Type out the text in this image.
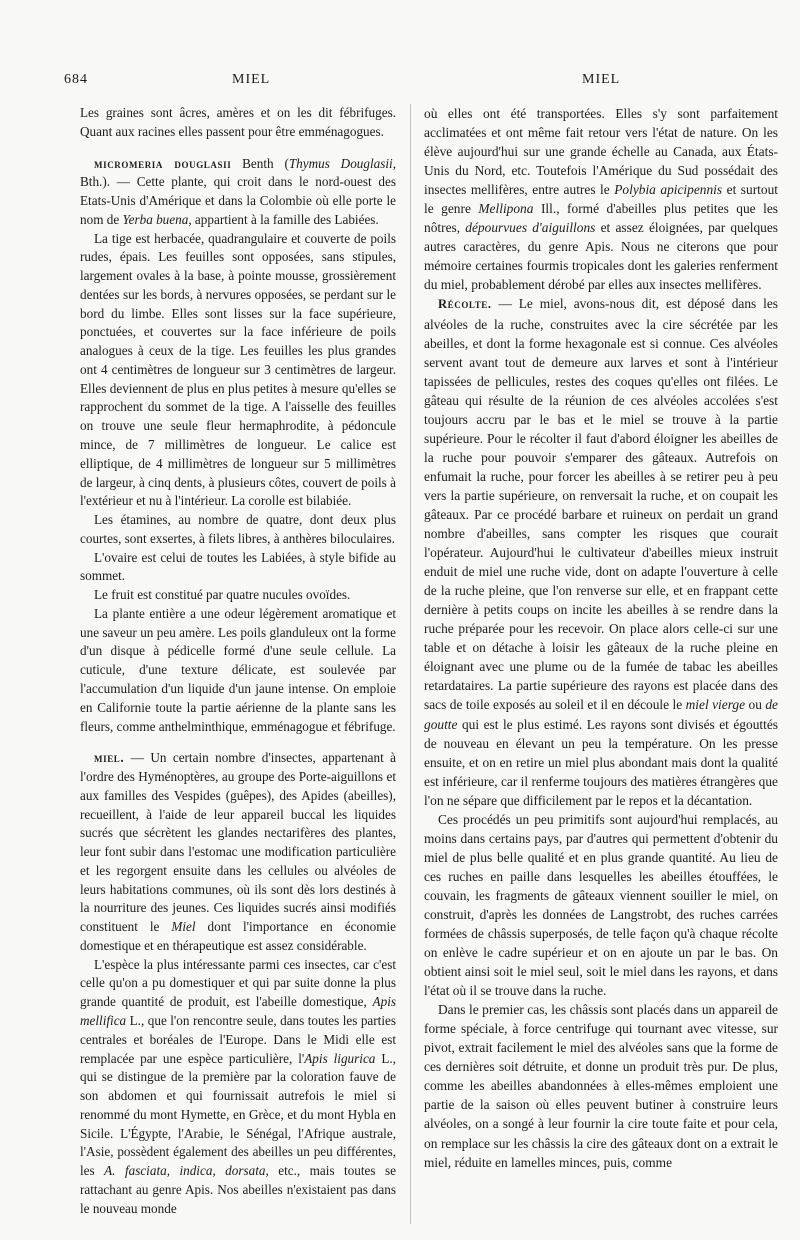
684	MIEL	MIEL

Les graines sont âcres, amères et on les dit fébrifuges. Quant aux racines elles passent pour être emménagogues.

micromeria douglasii Benth (Thymus Douglasii, Bth.). — Cette plante, qui croit dans le nord-ouest des Etats-Unis d'Amérique et dans la Colombie où elle porte le nom de Yerba buena, appartient à la famille des Labiées.

La tige est herbacée, quadrangulaire et couverte de poils rudes, épais. Les feuilles sont opposées, sans stipules, largement ovales à la base, à pointe mousse, grossièrement dentées sur les bords, à nervures opposées, se perdant sur le bord du limbe. Elles sont lisses sur la face supérieure, ponctuées, et couvertes sur la face inférieure de poils analogues à ceux de la tige. Les feuilles les plus grandes ont 4 centimètres de longueur sur 3 centimètres de largeur. Elles deviennent de plus en plus petites à mesure qu'elles se rapprochent du sommet de la tige. A l'aisselle des feuilles on trouve une seule fleur hermaphrodite, à pédoncule mince, de 7 millimètres de longueur. Le calice est elliptique, de 4 millimètres de longueur sur 5 millimètres de largeur, à cinq dents, à plusieurs côtes, couvert de poils à l'extérieur et nu à l'intérieur. La corolle est bilabiée.

Les étamines, au nombre de quatre, dont deux plus courtes, sont exsertes, à filets libres, à anthères biloculaires.

L'ovaire est celui de toutes les Labiées, à style bifide au sommet.

Le fruit est constitué par quatre nucules ovoïdes.

La plante entière a une odeur légèrement aromatique et une saveur un peu amère. Les poils glanduleux ont la forme d'un disque à pédicelle formé d'une seule cellule. La cuticule, d'une texture délicate, est soulevée par l'accumulation d'un liquide d'un jaune intense. On emploie en Californie toute la partie aérienne de la plante sans les fleurs, comme anthelminthique, emménagogue et fébrifuge.

miel. — Un certain nombre d'insectes, appartenant à l'ordre des Hyménoptères, au groupe des Porte-aiguillons et aux familles des Vespides (guêpes), des Apides (abeilles), recueillent, à l'aide de leur appareil buccal les liquides sucrés que sécrètent les glandes nectarifères des plantes, leur font subir dans l'estomac une modification particulière et les regorgent ensuite dans les cellules ou alvéoles de leurs habitations communes, où ils sont dès lors destinés à la nourriture des jeunes. Ces liquides sucrés ainsi modifiés constituent le Miel dont l'importance en économie domestique et en thérapeutique est assez considérable.

L'espèce la plus intéressante parmi ces insectes, car c'est celle qu'on a pu domestiquer et qui par suite donne la plus grande quantité de produit, est l'abeille domestique, Apis mellifica L., que l'on rencontre seule, dans toutes les parties centrales et boréales de l'Europe. Dans le Midi elle est remplacée par une espèce particulière, l'Apis ligurica L., qui se distingue de la première par la coloration fauve de son abdomen et qui fournissait autrefois le miel si renommé du mont Hymette, en Grèce, et du mont Hybla en Sicile. L'Égypte, l'Arabie, le Sénégal, l'Afrique australe, l'Asie, possèdent également des abeilles un peu différentes, les A. fasciata, indica, dorsata, etc., mais toutes se rattachant au genre Apis. Nos abeilles n'existaient pas dans le nouveau monde

où elles ont été transportées. Elles s'y sont parfaitement acclimatées et ont même fait retour vers l'état de nature. On les élève aujourd'hui sur une grande échelle au Canada, aux États-Unis du Nord, etc. Toutefois l'Amérique du Sud possédait des insectes mellifères, entre autres le Polybia apicipennis et surtout le genre Mellipona Ill., formé d'abeilles plus petites que les nôtres, dépourvues d'aiguillons et assez éloignées, par quelques autres caractères, du genre Apis. Nous ne citerons que pour mémoire certaines fourmis tropicales dont les galeries renferment du miel, probablement dérobé par elles aux insectes mellifères.

Récolte. — Le miel, avons-nous dit, est déposé dans les alvéoles de la ruche, construites avec la cire sécrétée par les abeilles, et dont la forme hexagonale est si connue. Ces alvéoles servent avant tout de demeure aux larves et sont à l'intérieur tapissées de pellicules, restes des coques qu'elles ont filées. Le gâteau qui résulte de la réunion de ces alvéoles accolées s'est toujours accru par le bas et le miel se trouve à la partie supérieure. Pour le récolter il faut d'abord éloigner les abeilles de la ruche pour pouvoir s'emparer des gâteaux. Autrefois on enfumait la ruche, pour forcer les abeilles à se retirer peu à peu vers la partie supérieure, on renversait la ruche, et on coupait les gâteaux. Par ce procédé barbare et ruineux on perdait un grand nombre d'abeilles, sans compter les risques que courait l'opérateur. Aujourd'hui le cultivateur d'abeilles mieux instruit enduit de miel une ruche vide, dont on adapte l'ouverture à celle de la ruche pleine, que l'on renverse sur elle, et en frappant cette dernière à petits coups on incite les abeilles à se rendre dans la ruche préparée pour les recevoir. On place alors celle-ci sur une table et on détache à loisir les gâteaux de la ruche pleine en éloignant avec une plume ou de la fumée de tabac les abeilles retardataires. La partie supérieure des rayons est placée dans des sacs de toile exposés au soleil et il en découle le miel vierge ou de goutte qui est le plus estimé. Les rayons sont divisés et égouttés de nouveau en élevant un peu la température. On les presse ensuite, et on en retire un miel plus abondant mais dont la qualité est inférieure, car il renferme toujours des matières étrangères que l'on ne sépare que difficilement par le repos et la décantation.

Ces procédés un peu primitifs sont aujourd'hui remplacés, au moins dans certains pays, par d'autres qui permettent d'obtenir du miel de plus belle qualité et en plus grande quantité. Au lieu de ces ruches en paille dans lesquelles les abeilles étouffées, le couvain, les fragments de gâteaux viennent souiller le miel, on construit, d'après les données de Langstrobt, des ruches carrées formées de châssis superposés, de telle façon qu'à chaque récolte on enlève le cadre supérieur et on en ajoute un par le bas. On obtient ainsi soit le miel seul, soit le miel dans les rayons, et dans l'état où il se trouve dans la ruche.

Dans le premier cas, les châssis sont placés dans un appareil de forme spéciale, à force centrifuge qui tournant avec vitesse, sur pivot, extrait facilement le miel des alvéoles sans que la forme de ces dernières soit détruite, et donne un produit très pur. De plus, comme les abeilles abandonnées à elles-mêmes emploient une partie de la saison où elles peuvent butiner à construire leurs alvéoles, on a songé à leur fournir la cire toute faite et pour cela, on remplace sur les châssis la cire des gâteaux dont on a extrait le miel, réduite en lamelles minces, puis, comme
